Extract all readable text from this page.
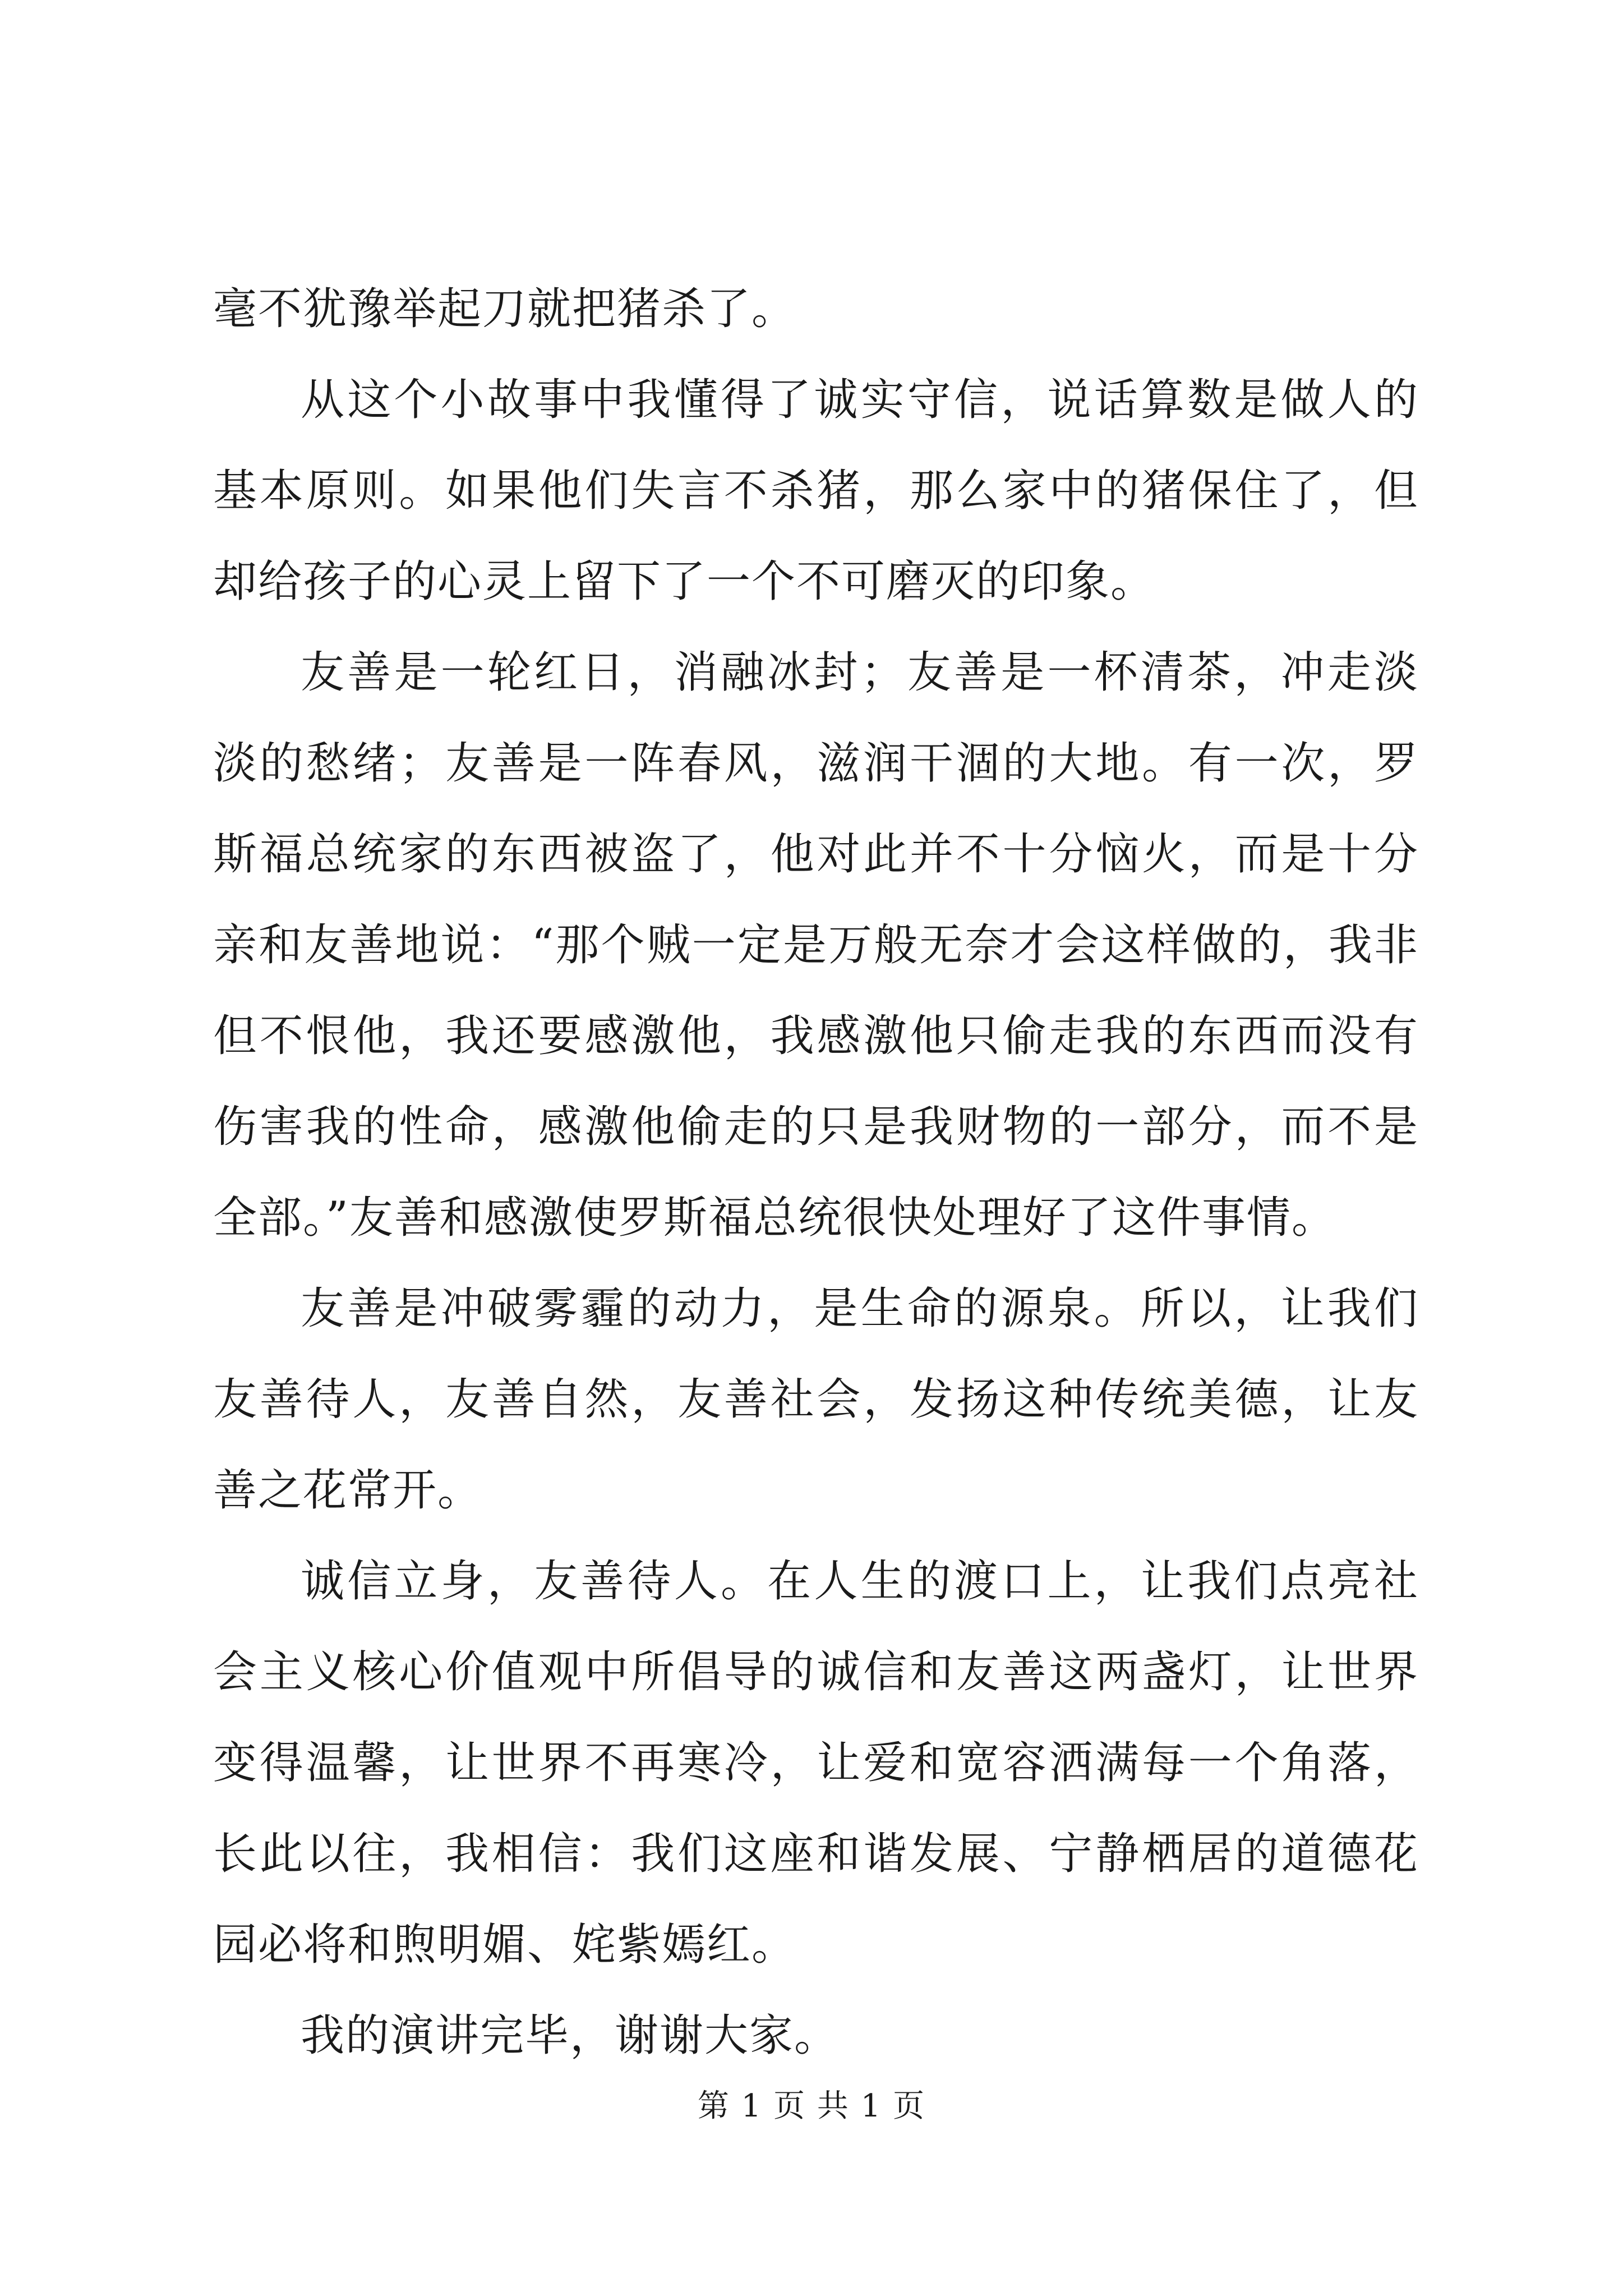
毫不犹豫举起刀就把猪杀了。

从这个小故事中我懂得了诚实守信，说话算数是做人的基本原则。如果他们失言不杀猪，那么家中的猪保住了，但却给孩子的心灵上留下了一个不可磨灭的印象。

友善是一轮红日，消融冰封；友善是一杯清茶，冲走淡淡的愁绪；友善是一阵春风，滋润干涸的大地。有一次，罗斯福总统家的东西被盗了，他对此并不十分恼火，而是十分亲和友善地说：“那个贼一定是万般无奈才会这样做的，我非但不恨他，我还要感激他，我感激他只偷走我的东西而没有伤害我的性命，感激他偷走的只是我财物的一部分，而不是全部。”友善和感激使罗斯福总统很快处理好了这件事情。

友善是冲破雾霾的动力，是生命的源泉。所以，让我们友善待人，友善自然，友善社会，发扬这种传统美德，让友善之花常开。

诚信立身，友善待人。在人生的渡口上，让我们点亮社会主义核心价值观中所倡导的诚信和友善这两盏灯，让世界变得温馨，让世界不再寒冷，让爱和宽容洒满每一个角落，长此以往，我相信：我们这座和谐发展、宁静栖居的道德花园必将和煦明媚、姹紫嫣红。

我的演讲完毕，谢谢大家。

第 1 页 共 1 页
